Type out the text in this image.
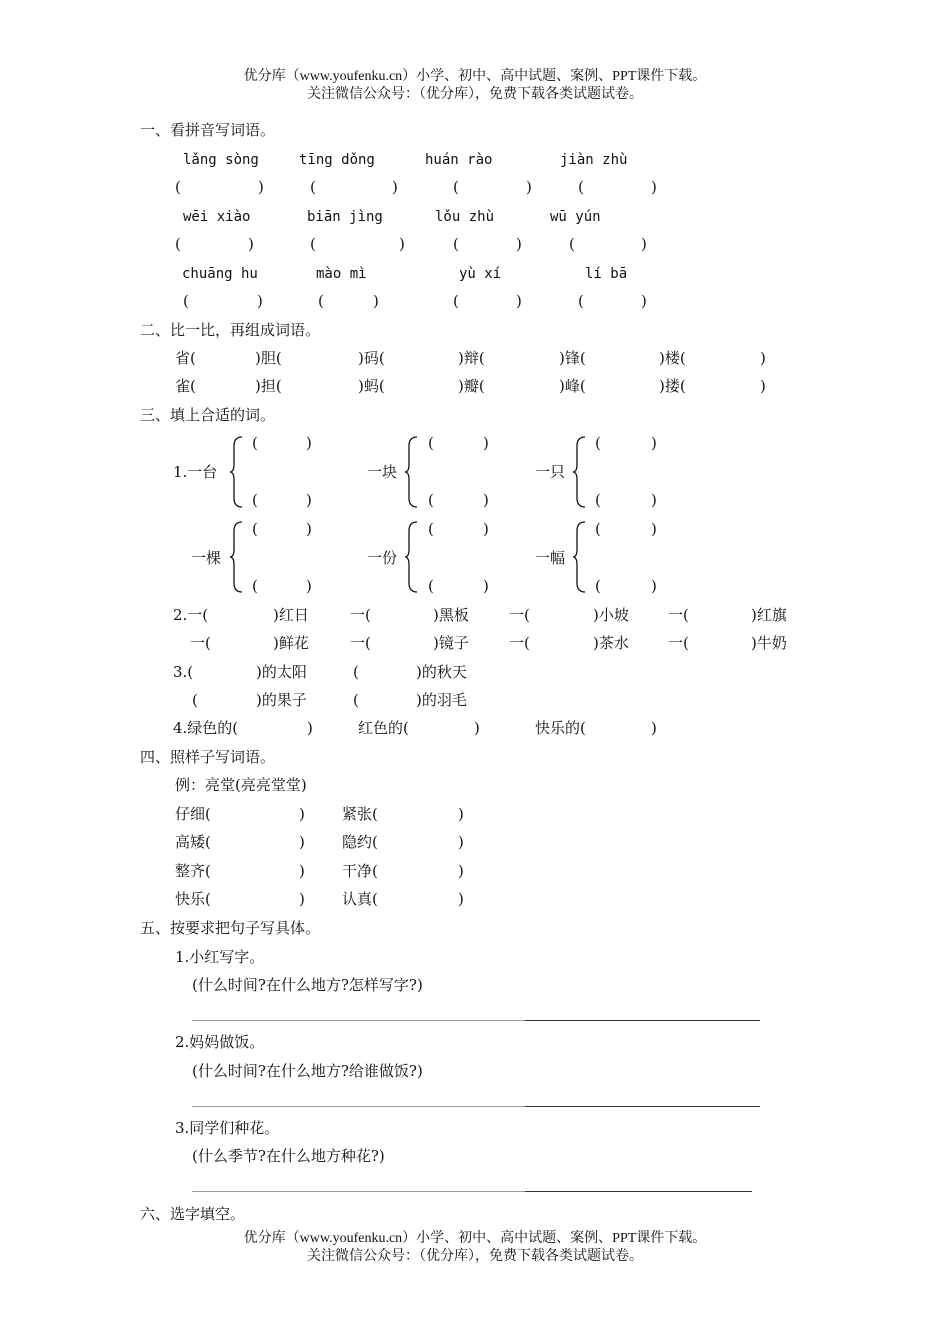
优分库（www.youfenku.cn）小学、初中、高中试题、案例、PPT课件下载。
关注微信公众号：（优分库），免费下载各类试题试卷。
一、看拼音写词语。
lǎng sòng	tīng dǒng	huán rào	jiàn zhù
(	)	(	)	(	)	(	)
wēi xiào	biān jìng	lǒu zhù	wū yún
(	)	(	)	(	)	(	)
chuāng hu	mào mì	yù xí	lí bā
(	)	(	)	(	)	(	)
二、比一比，再组成词语。
省(	)胆(	)码(	)辩(	)锋(	)楼(	)
雀(	)担(	)蚂(	)瓣(	)峰(	)搂(	)
三、填上合适的词。
1.一台
(	)
(	)
一块
(	)
(	)
一只
(	)
(	)
一棵
(	)
(	)
一份
(	)
(	)
一幅
(	)
(	)
2.一(	)红日	一(	)黑板	一(	)小坡	一(	)红旗
一(	)鲜花	一(	)镜子	一(	)茶水	一(	)牛奶
3.(	)的太阳	(	)的秋天
(	)的果子	(	)的羽毛
4.绿色的(	)	红色的(	)	快乐的(	)
四、照样子写词语。
例：亮堂(亮亮堂堂)
仔细(	) 紧张(	)
高矮(	) 隐约(	)
整齐(	) 干净(	)
快乐(	) 认真(	)
五、按要求把句子写具体。
1.小红写字。
(什么时间?在什么地方?怎样写字?)
2.妈妈做饭。
(什么时间?在什么地方?给谁做饭?)
3.同学们种花。
(什么季节?在什么地方种花?)
六、选字填空。
优分库（www.youfenku.cn）小学、初中、高中试题、案例、PPT课件下载。
关注微信公众号：（优分库），免费下载各类试题试卷。
